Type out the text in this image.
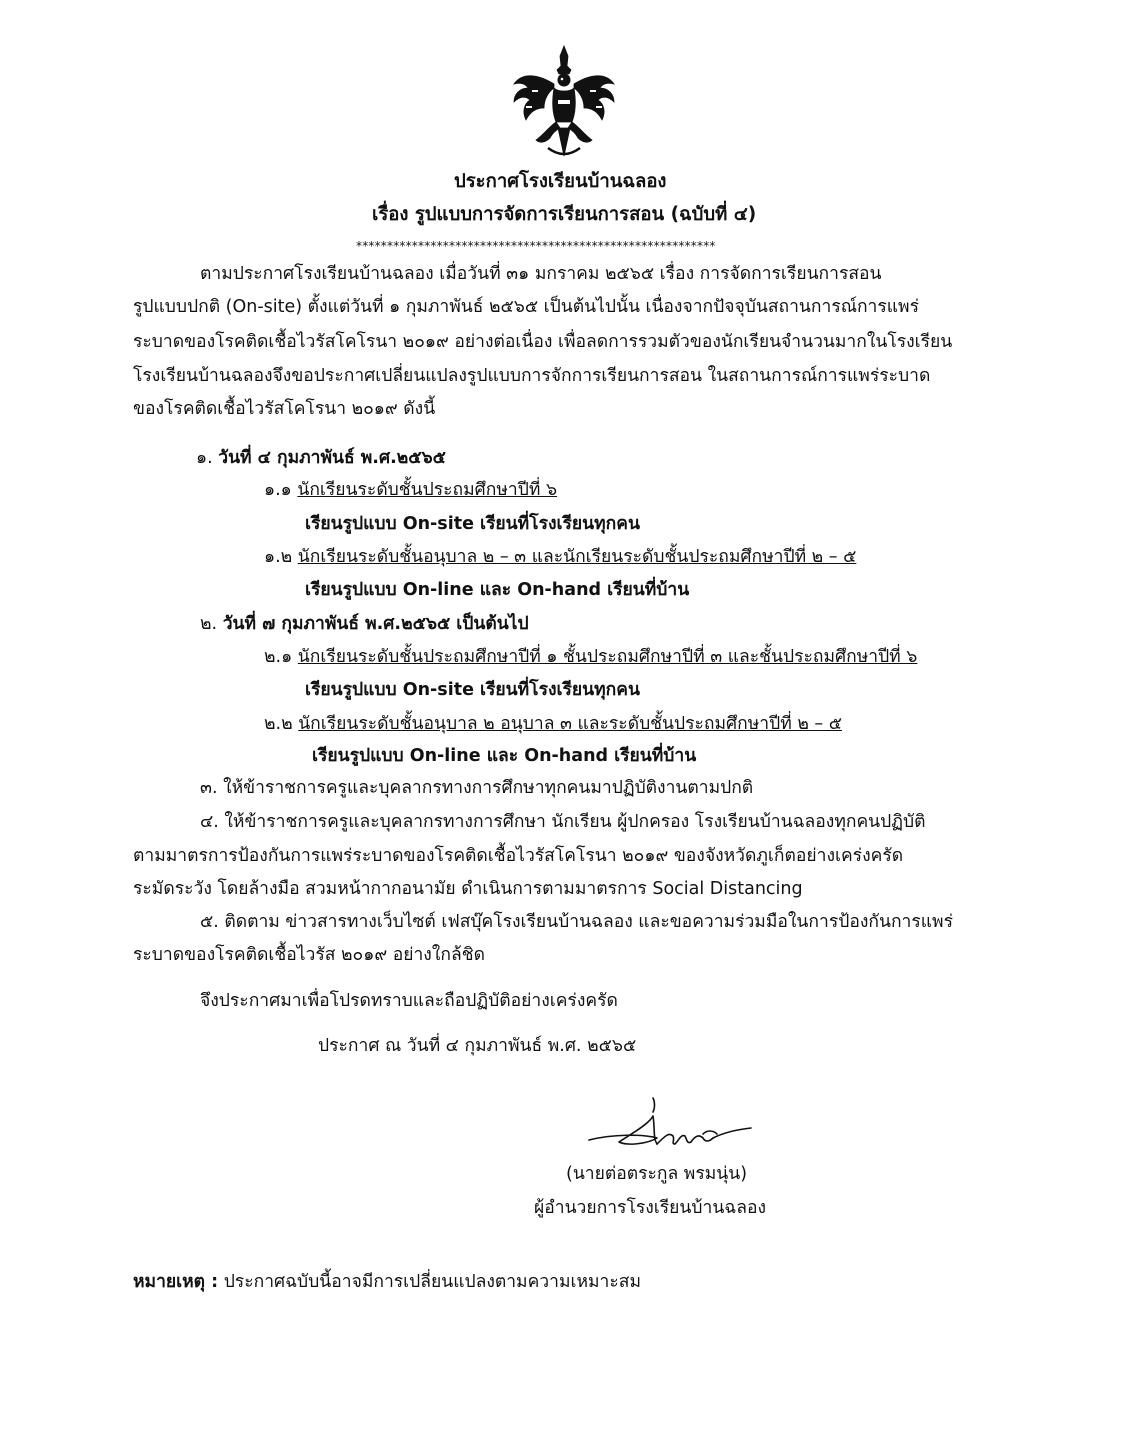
ประกาศโรงเรียนบ้านฉลอง
เรื่อง รูปแบบการจัดการเรียนการสอน (ฉบับที่ ๔)
**********************************************************
ตามประกาศโรงเรียนบ้านฉลอง เมื่อวันที่ ๓๑ มกราคม ๒๕๖๕ เรื่อง การจัดการเรียนการสอน
รูปแบบปกติ (On-site) ตั้งแต่วันที่ ๑ กุมภาพันธ์ ๒๕๖๕ เป็นต้นไปนั้น เนื่องจากปัจจุบันสถานการณ์การแพร่
ระบาดของโรคติดเชื้อไวรัสโคโรนา ๒๐๑๙ อย่างต่อเนื่อง เพื่อลดการรวมตัวของนักเรียนจำนวนมากในโรงเรียน
โรงเรียนบ้านฉลองจึงขอประกาศเปลี่ยนแปลงรูปแบบการจักการเรียนการสอน ในสถานการณ์การแพร่ระบาด
ของโรคติดเชื้อไวรัสโคโรนา ๒๐๑๙ ดังนี้
๑. วันที่ ๔ กุมภาพันธ์ พ.ศ.๒๕๖๕
๑.๑ นักเรียนระดับชั้นประถมศึกษาปีที่ ๖
เรียนรูปแบบ On-site เรียนที่โรงเรียนทุกคน
๑.๒ นักเรียนระดับชั้นอนุบาล ๒ – ๓ และนักเรียนระดับชั้นประถมศึกษาปีที่ ๒ – ๕
เรียนรูปแบบ On-line และ On-hand เรียนที่บ้าน
๒. วันที่ ๗ กุมภาพันธ์ พ.ศ.๒๕๖๕ เป็นต้นไป
๒.๑ นักเรียนระดับชั้นประถมศึกษาปีที่ ๑ ชั้นประถมศึกษาปีที่ ๓ และชั้นประถมศึกษาปีที่ ๖
เรียนรูปแบบ On-site เรียนที่โรงเรียนทุกคน
๒.๒ นักเรียนระดับชั้นอนุบาล ๒ อนุบาล ๓ และระดับชั้นประถมศึกษาปีที่ ๒ – ๕
เรียนรูปแบบ On-line และ On-hand เรียนที่บ้าน
๓. ให้ข้าราชการครูและบุคลากรทางการศึกษาทุกคนมาปฏิบัติงานตามปกติ
๔. ให้ข้าราชการครูและบุคลากรทางการศึกษา นักเรียน ผู้ปกครอง โรงเรียนบ้านฉลองทุกคนปฏิบัติ
ตามมาตรการป้องกันการแพร่ระบาดของโรคติดเชื้อไวรัสโคโรนา ๒๐๑๙ ของจังหวัดภูเก็ตอย่างเคร่งครัด
ระมัดระวัง โดยล้างมือ สวมหน้ากากอนามัย ดำเนินการตามมาตรการ Social Distancing
๕. ติดตาม ข่าวสารทางเว็บไซต์ เฟสบุ๊คโรงเรียนบ้านฉลอง และขอความร่วมมือในการป้องกันการแพร่
ระบาดของโรคติดเชื้อไวรัส ๒๐๑๙ อย่างใกล้ชิด
จึงประกาศมาเพื่อโปรดทราบและถือปฏิบัติอย่างเคร่งครัด
ประกาศ ณ วันที่ ๔ กุมภาพันธ์ พ.ศ. ๒๕๖๕
(นายต่อตระกูล พรมนุ่น)
ผู้อำนวยการโรงเรียนบ้านฉลอง
หมายเหตุ : ประกาศฉบับนี้อาจมีการเปลี่ยนแปลงตามความเหมาะสม
